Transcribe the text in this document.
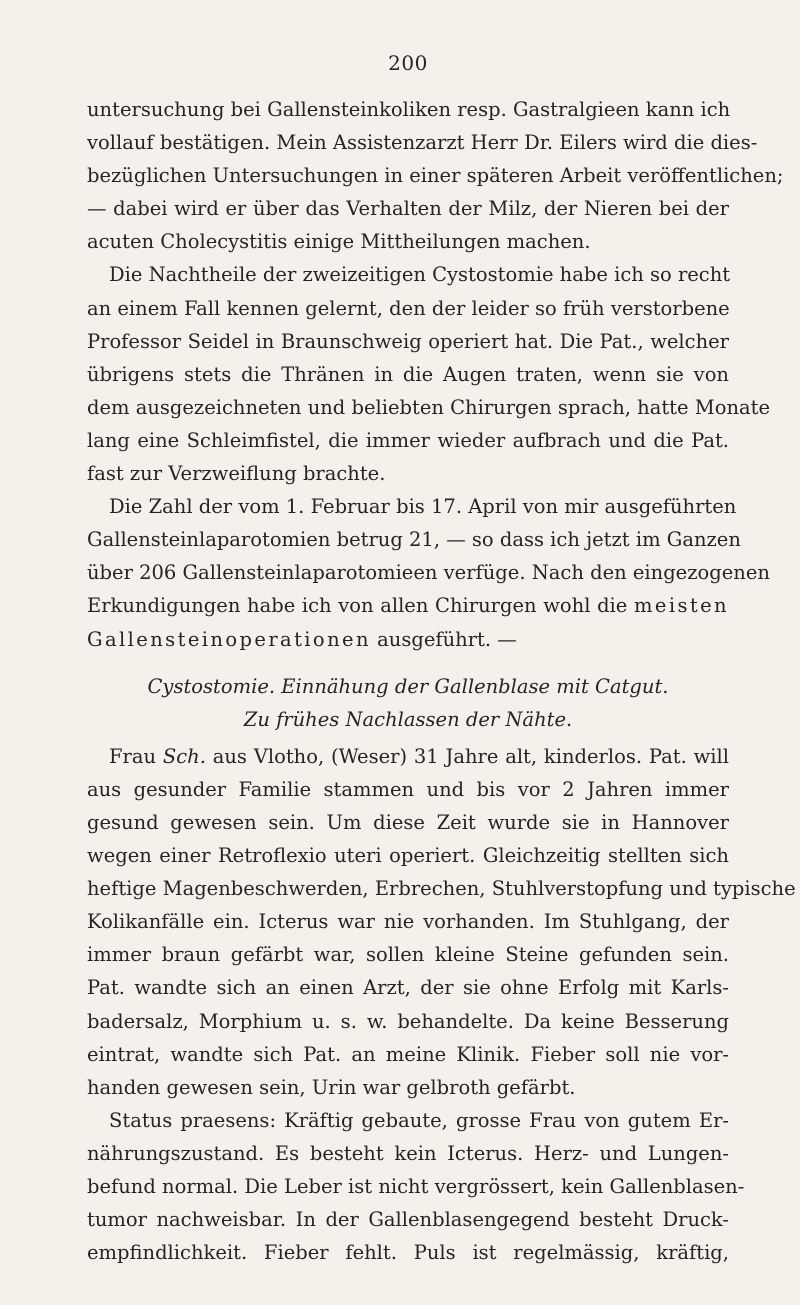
200
untersuchung bei Gallensteinkoliken resp. Gastralgieen kann ich
vollauf bestätigen. Mein Assistenzarzt Herr Dr. Eilers wird die dies-
bezüglichen Untersuchungen in einer späteren Arbeit veröffentlichen;
— dabei wird er über das Verhalten der Milz, der Nieren bei der
acuten Cholecystitis einige Mittheilungen machen.
Die Nachtheile der zweizeitigen Cystostomie habe ich so recht
an einem Fall kennen gelernt, den der leider so früh verstorbene
Professor Seidel in Braunschweig operiert hat. Die Pat., welcher
übrigens stets die Thränen in die Augen traten, wenn sie von
dem ausgezeichneten und beliebten Chirurgen sprach, hatte Monate
lang eine Schleimfistel, die immer wieder aufbrach und die Pat.
fast zur Verzweiflung brachte.
Die Zahl der vom 1. Februar bis 17. April von mir ausgeführten
Gallensteinlaparotomien betrug 21, — so dass ich jetzt im Ganzen
über 206 Gallensteinlaparotomieen verfüge. Nach den eingezogenen
Erkundigungen habe ich von allen Chirurgen wohl die meisten
Gallensteinoperationen ausgeführt. —
Cystostomie. Einnähung der Gallenblase mit Catgut.
Zu frühes Nachlassen der Nähte.
Frau Sch. aus Vlotho, (Weser) 31 Jahre alt, kinderlos. Pat. will
aus gesunder Familie stammen und bis vor 2 Jahren immer
gesund gewesen sein. Um diese Zeit wurde sie in Hannover
wegen einer Retroflexio uteri operiert. Gleichzeitig stellten sich
heftige Magenbeschwerden, Erbrechen, Stuhlverstopfung und typische
Kolikanfälle ein. Icterus war nie vorhanden. Im Stuhlgang, der
immer braun gefärbt war, sollen kleine Steine gefunden sein.
Pat. wandte sich an einen Arzt, der sie ohne Erfolg mit Karls-
badersalz, Morphium u. s. w. behandelte. Da keine Besserung
eintrat, wandte sich Pat. an meine Klinik. Fieber soll nie vor-
handen gewesen sein, Urin war gelbroth gefärbt.
Status praesens: Kräftig gebaute, grosse Frau von gutem Er-
nährungszustand. Es besteht kein Icterus. Herz- und Lungen-
befund normal. Die Leber ist nicht vergrössert, kein Gallenblasen-
tumor nachweisbar. In der Gallenblasengegend besteht Druck-
empfindlichkeit. Fieber fehlt. Puls ist regelmässig, kräftig,
